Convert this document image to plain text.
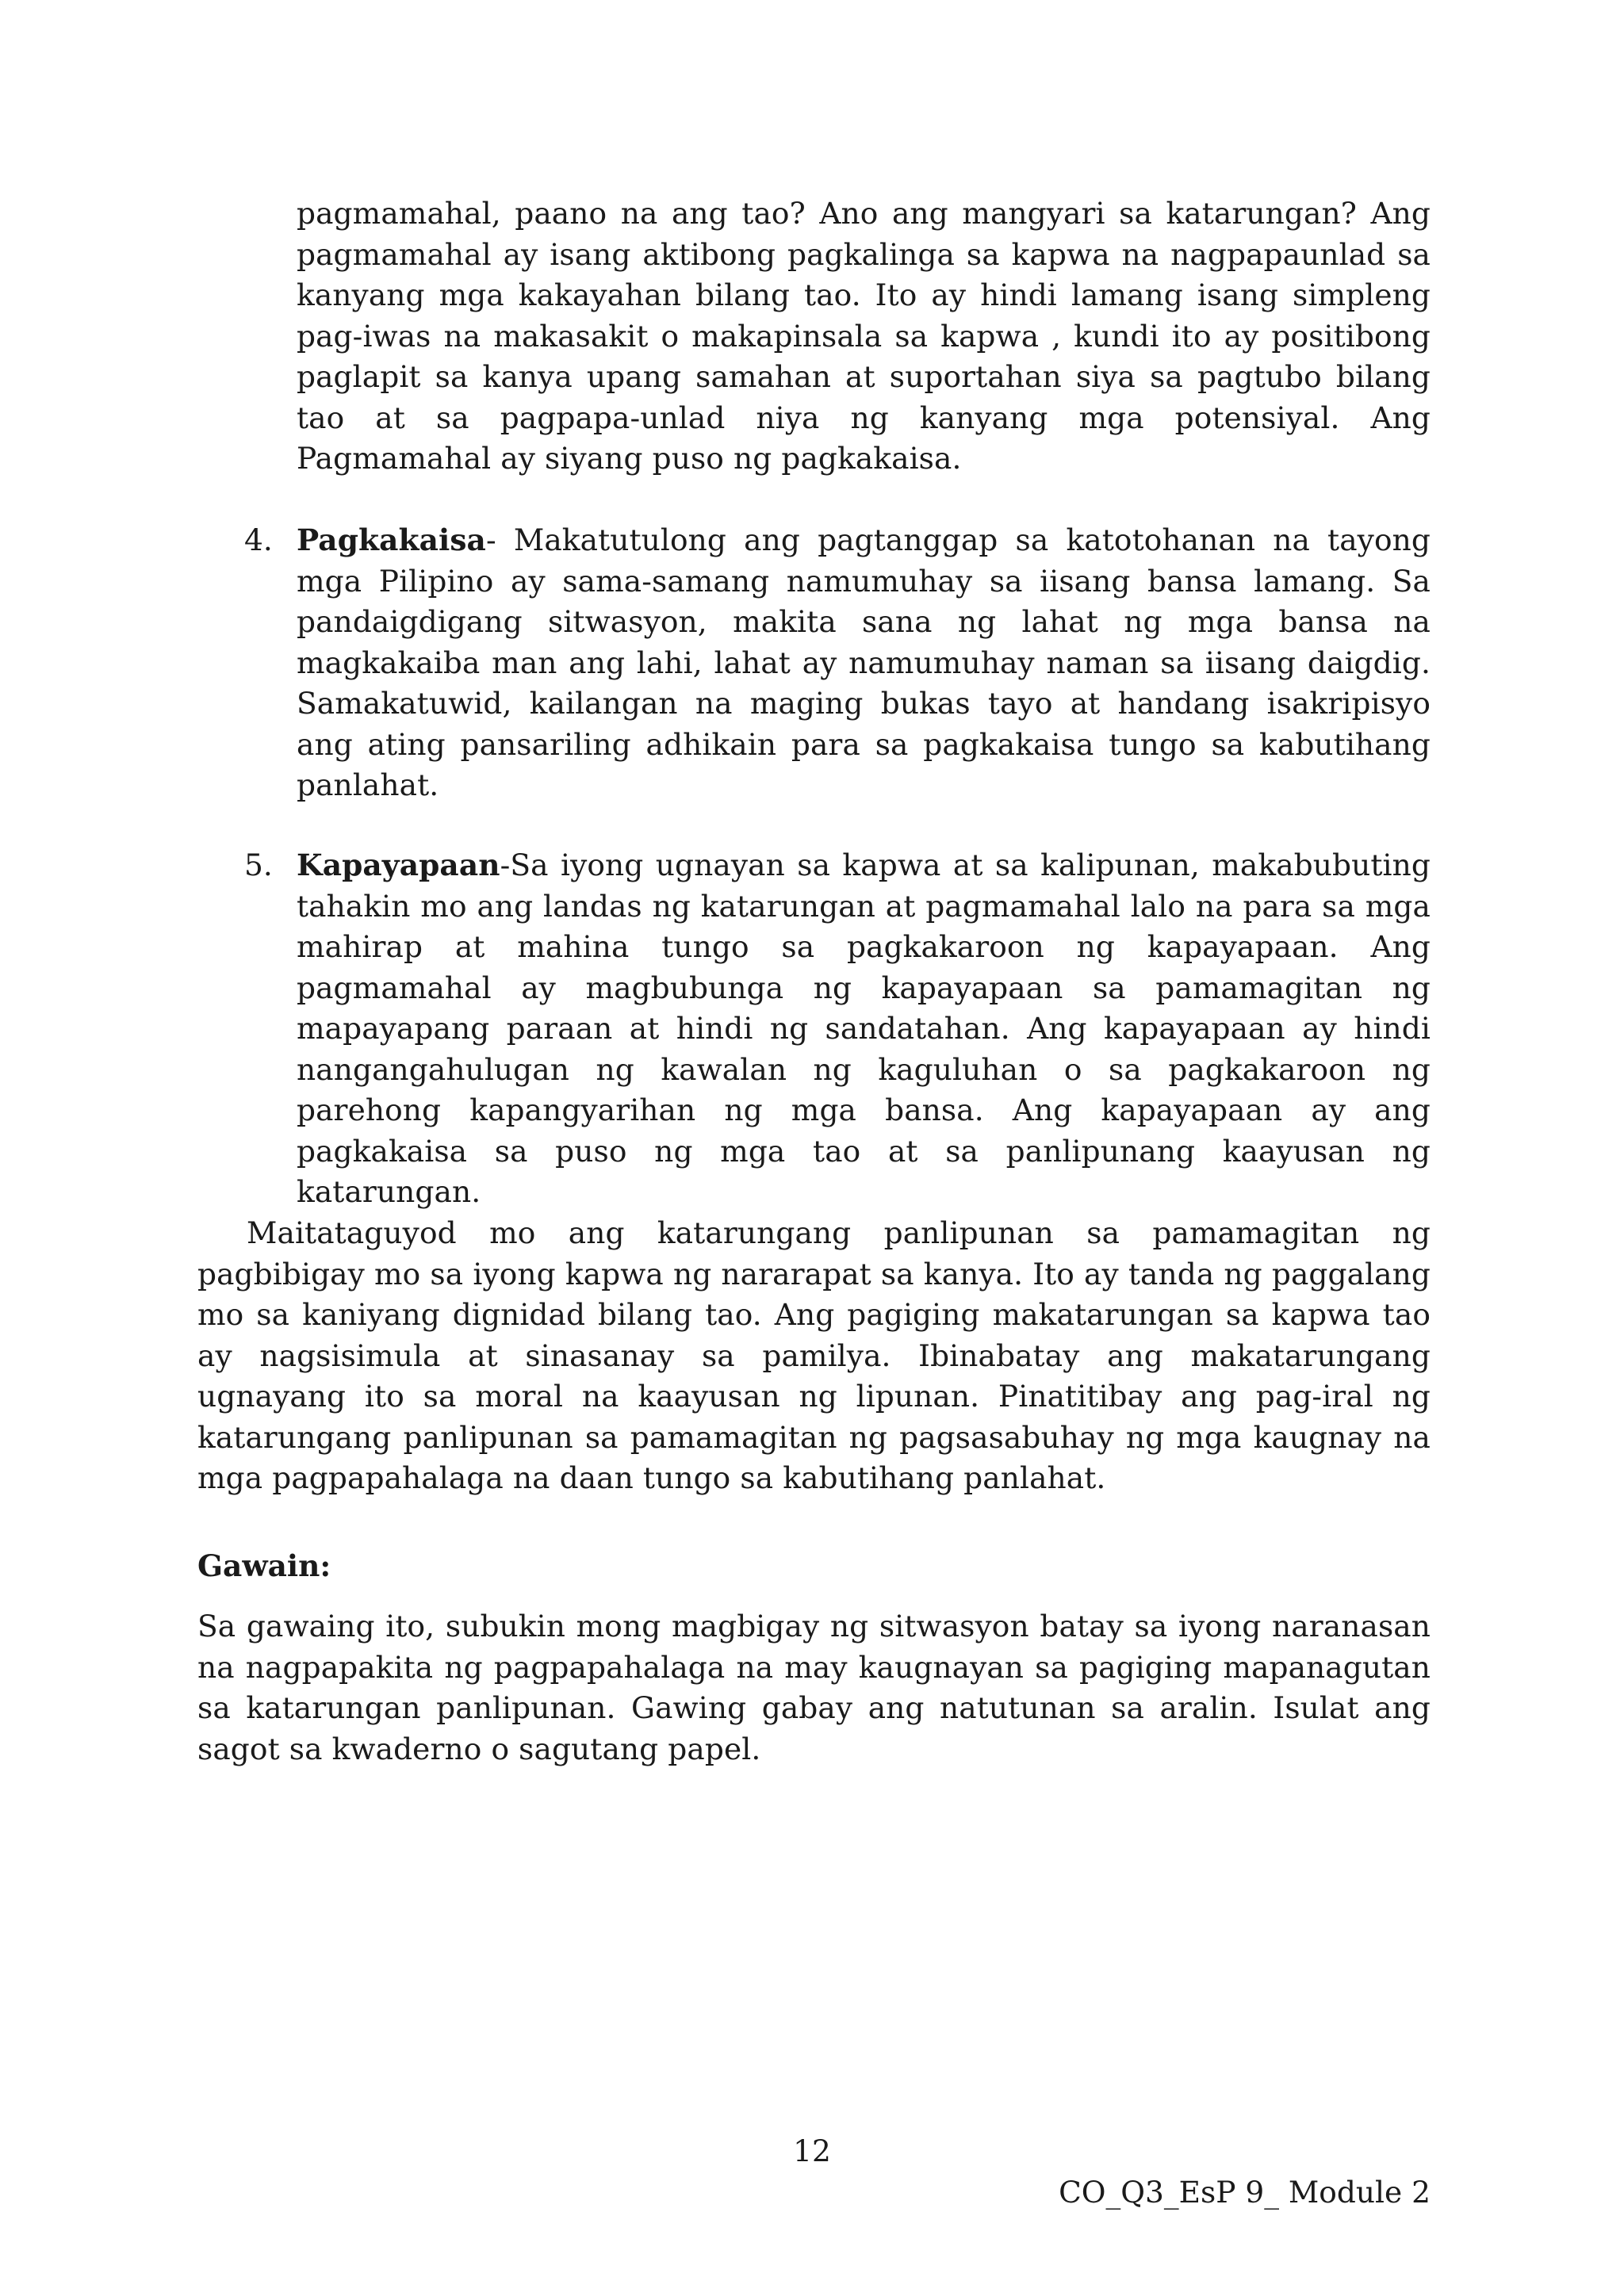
pagmamahal, paano na ang tao? Ano ang mangyari sa katarungan? Ang pagmamahal ay isang aktibong pagkalinga sa kapwa na nagpapaunlad sa kanyang mga kakayahan bilang tao. Ito ay hindi lamang isang simpleng pag-iwas na makasakit o makapinsala sa kapwa , kundi ito ay positibong paglapit sa kanya upang samahan at suportahan siya sa pagtubo bilang tao at sa pagpapa-unlad niya ng kanyang mga potensiyal. Ang Pagmamahal ay siyang puso ng pagkakaisa.

4. Pagkakaisa- Makatutulong ang pagtanggap sa katotohanan na tayong mga Pilipino ay sama-samang namumuhay sa iisang bansa lamang. Sa pandaigdigang sitwasyon, makita sana ng lahat ng mga bansa na magkakaiba man ang lahi, lahat ay namumuhay naman sa iisang daigdig. Samakatuwid, kailangan na maging bukas tayo at handang isakripisyo ang ating pansariling adhikain para sa pagkakaisa tungo sa kabutihang panlahat.

5. Kapayapaan-Sa iyong ugnayan sa kapwa at sa kalipunan, makabubuting tahakin mo ang landas ng katarungan at pagmamahal lalo na para sa mga mahirap at mahina tungo sa pagkakaroon ng kapayapaan. Ang pagmamahal ay magbubunga ng kapayapaan sa pamamagitan ng mapayapang paraan at hindi ng sandatahan. Ang kapayapaan ay hindi nangangahulugan ng kawalan ng kaguluhan o sa pagkakaroon ng parehong kapangyarihan ng mga bansa. Ang kapayapaan ay ang pagkakaisa sa puso ng mga tao at sa panlipunang kaayusan ng katarungan.

Maitataguyod mo ang katarungang panlipunan sa pamamagitan ng pagbibigay mo sa iyong kapwa ng nararapat sa kanya. Ito ay tanda ng paggalang mo sa kaniyang dignidad bilang tao. Ang pagiging makatarungan sa kapwa tao ay nagsisimula at sinasanay sa pamilya. Ibinabatay ang makatarungang ugnayang ito sa moral na kaayusan ng lipunan. Pinatitibay ang pag-iral ng katarungang panlipunan sa pamamagitan ng pagsasabuhay ng mga kaugnay na mga pagpapahalaga na daan tungo sa kabutihang panlahat.

Gawain:

Sa gawaing ito, subukin mong magbigay ng sitwasyon batay sa iyong naranasan na nagpapakita ng pagpapahalaga na may kaugnayan sa pagiging mapanagutan sa katarungan panlipunan. Gawing gabay ang natutunan sa aralin. Isulat ang sagot sa kwaderno o sagutang papel.

12
CO_Q3_EsP 9_ Module 2
